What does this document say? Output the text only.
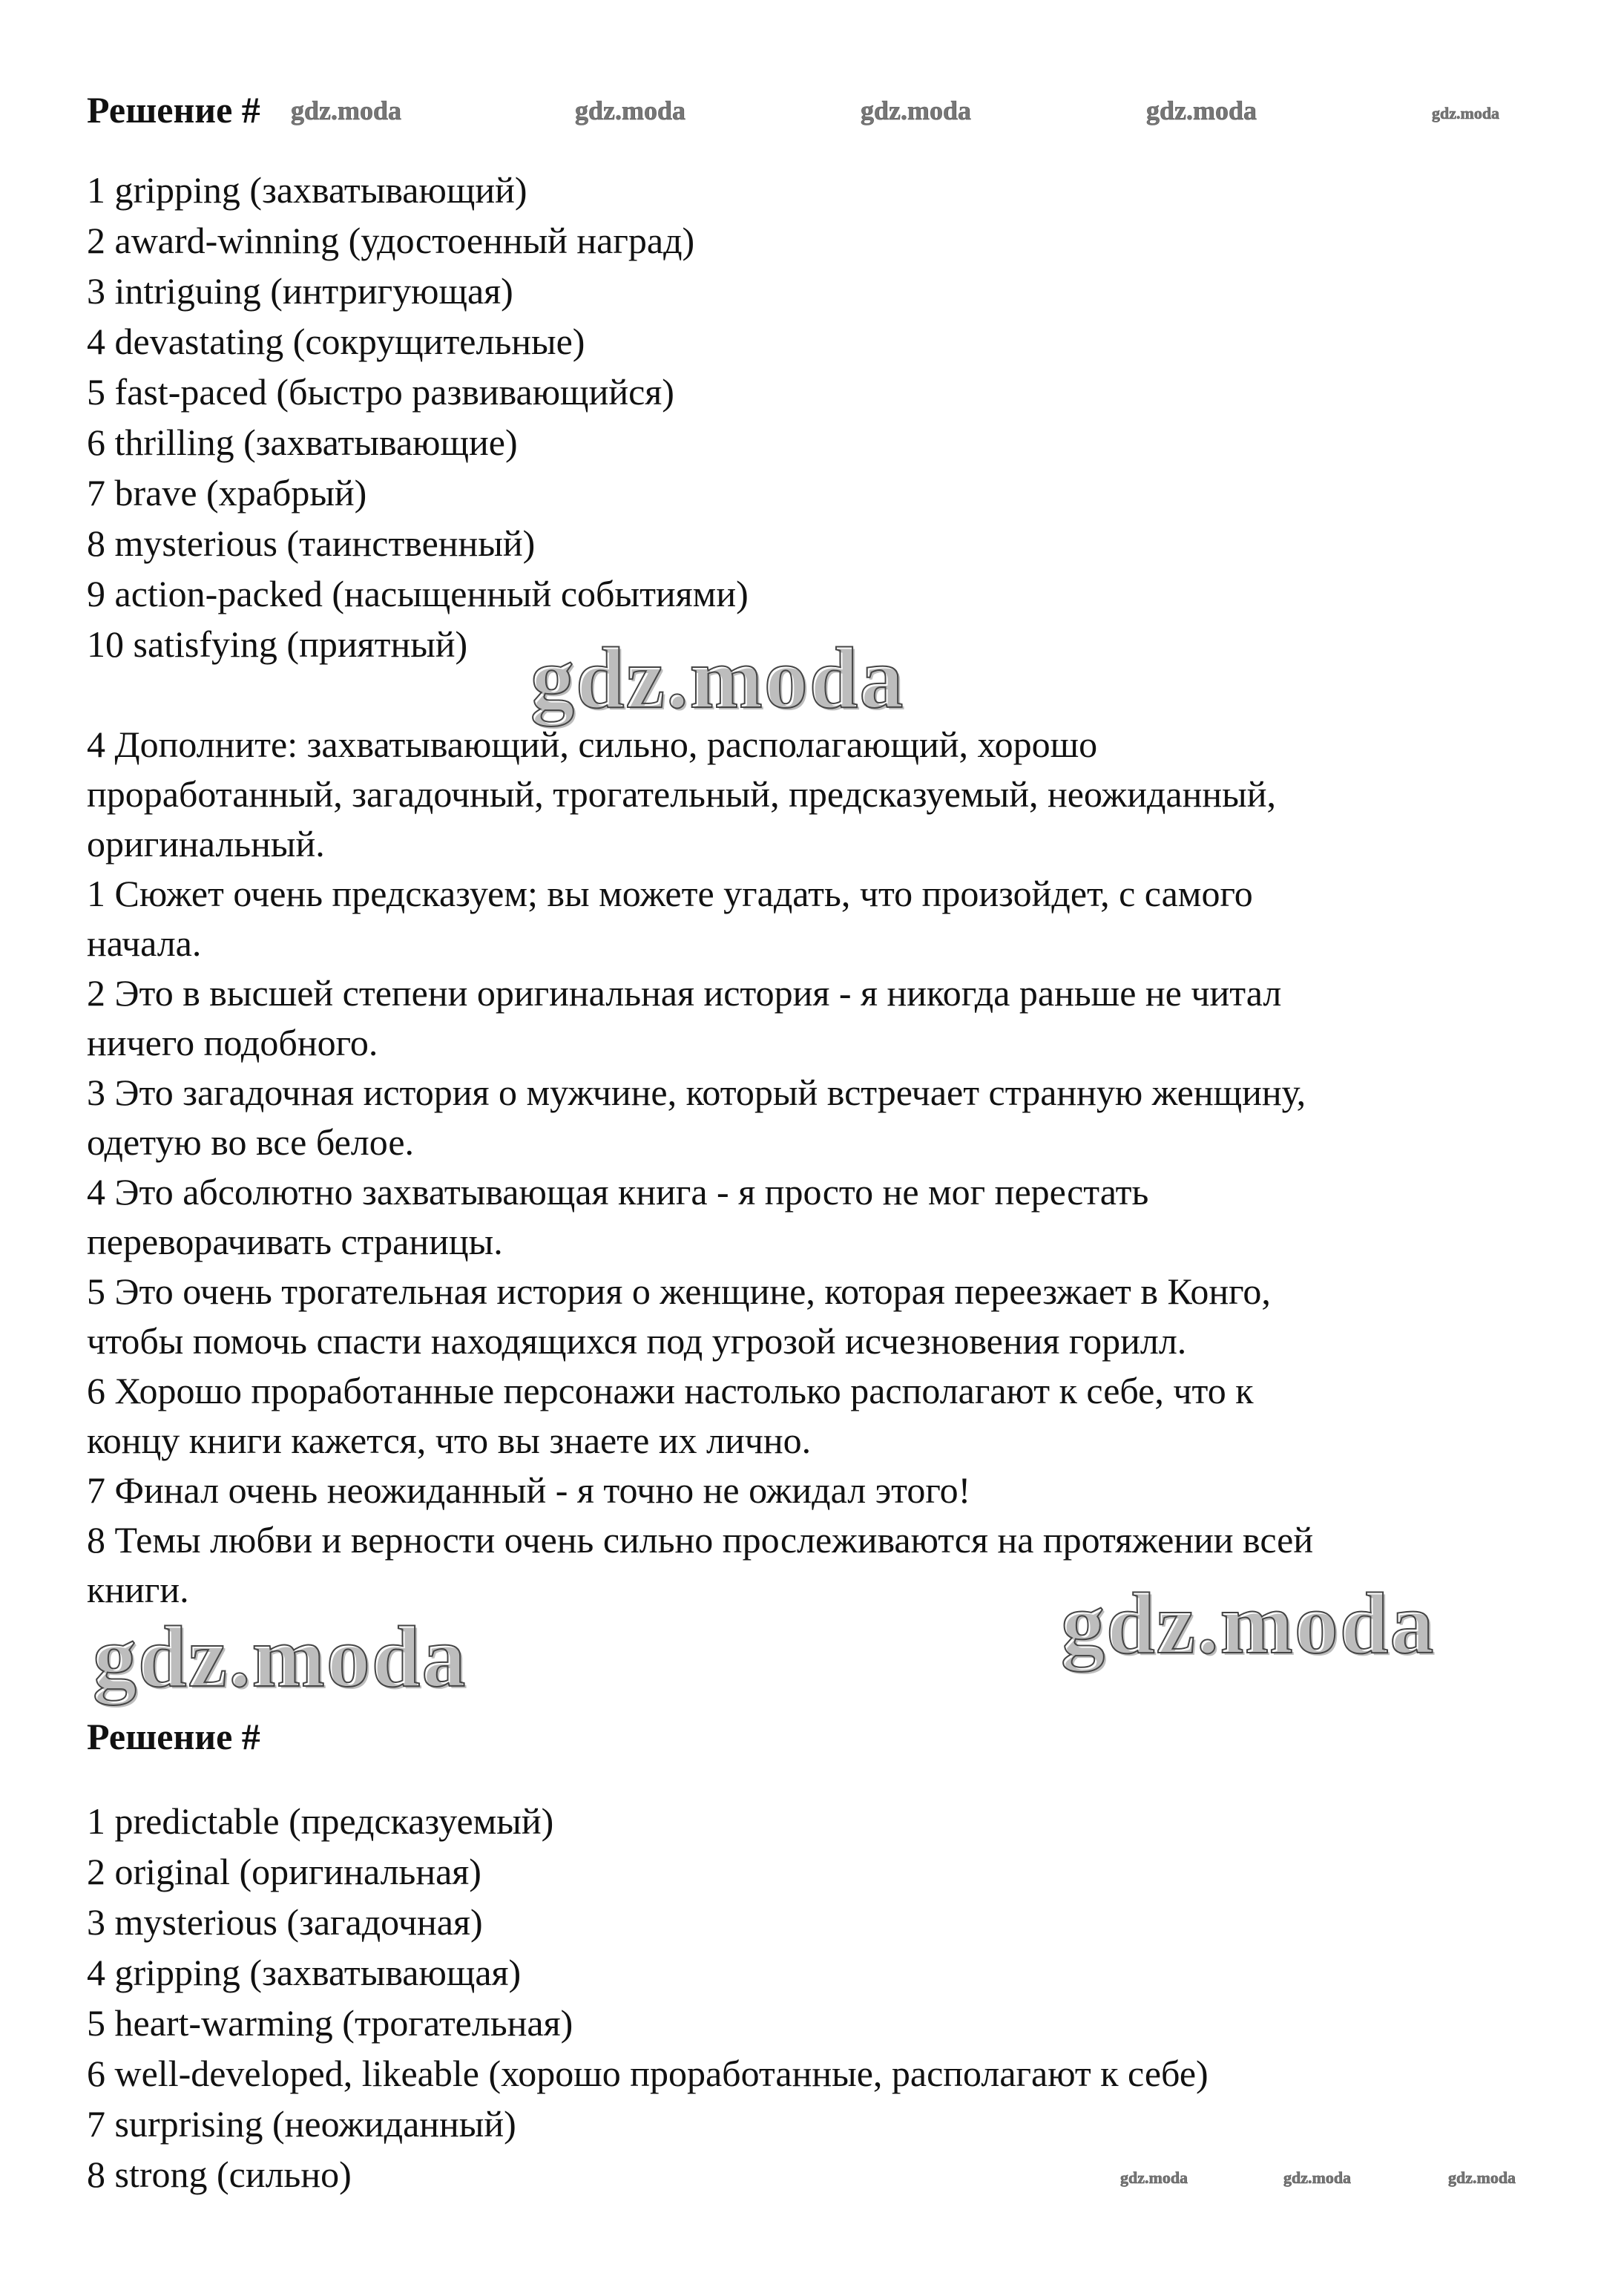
Решение # gdz.moda	gdz.moda	gdz.moda	gdz.moda	gdz.moda
1 gripping (захватывающий)
2 award-winning (удостоенный наград)
3 intriguing (интригующая)
4 devastating (сокрущительные)
5 fast-paced (быстро развивающийся)
6 thrilling (захватывающие)
7 brave (храбрый)
8 mysterious (таинственный)
9 action-packed (насыщенный событиями)
10 satisfying (приятный) gdz.moda
4 Дополните: захватывающий, сильно, располагающий, хорошо
проработанный, загадочный, трогательный, предсказуемый, неожиданный,
оригинальный.
1 Сюжет очень предсказуем; вы можете угадать, что произойдет, с самого
начала.
2 Это в высшей степени оригинальная история - я никогда раньше не читал
ничего подобного.
3 Это загадочная история о мужчине, который встречает странную женщину,
одетую во все белое.
4 Это абсолютно захватывающая книга - я просто не мог перестать
переворачивать страницы.
5 Это очень трогательная история о женщине, которая переезжает в Конго,
чтобы помочь спасти находящихся под угрозой исчезновения горилл.
6 Хорошо проработанные персонажи настолько располагают к себе, что к
концу книги кажется, что вы знаете их лично.
7 Финал очень неожиданный - я точно не ожидал этого!
8 Темы любви и верности очень сильно прослеживаются на протяжении всей
книги.	gdz.moda
gdz.moda
Решение #
1 predictable (предсказуемый)
2 original (оригинальная)
3 mysterious (загадочная)
4 gripping (захватывающая)
5 heart-warming (трогательная)
6 well-developed, likeable (хорошо проработанные, располагают к себе)
7 surprising (неожиданный)
8 strong (сильно)	gdz.moda	gdz.moda	gdz.moda
